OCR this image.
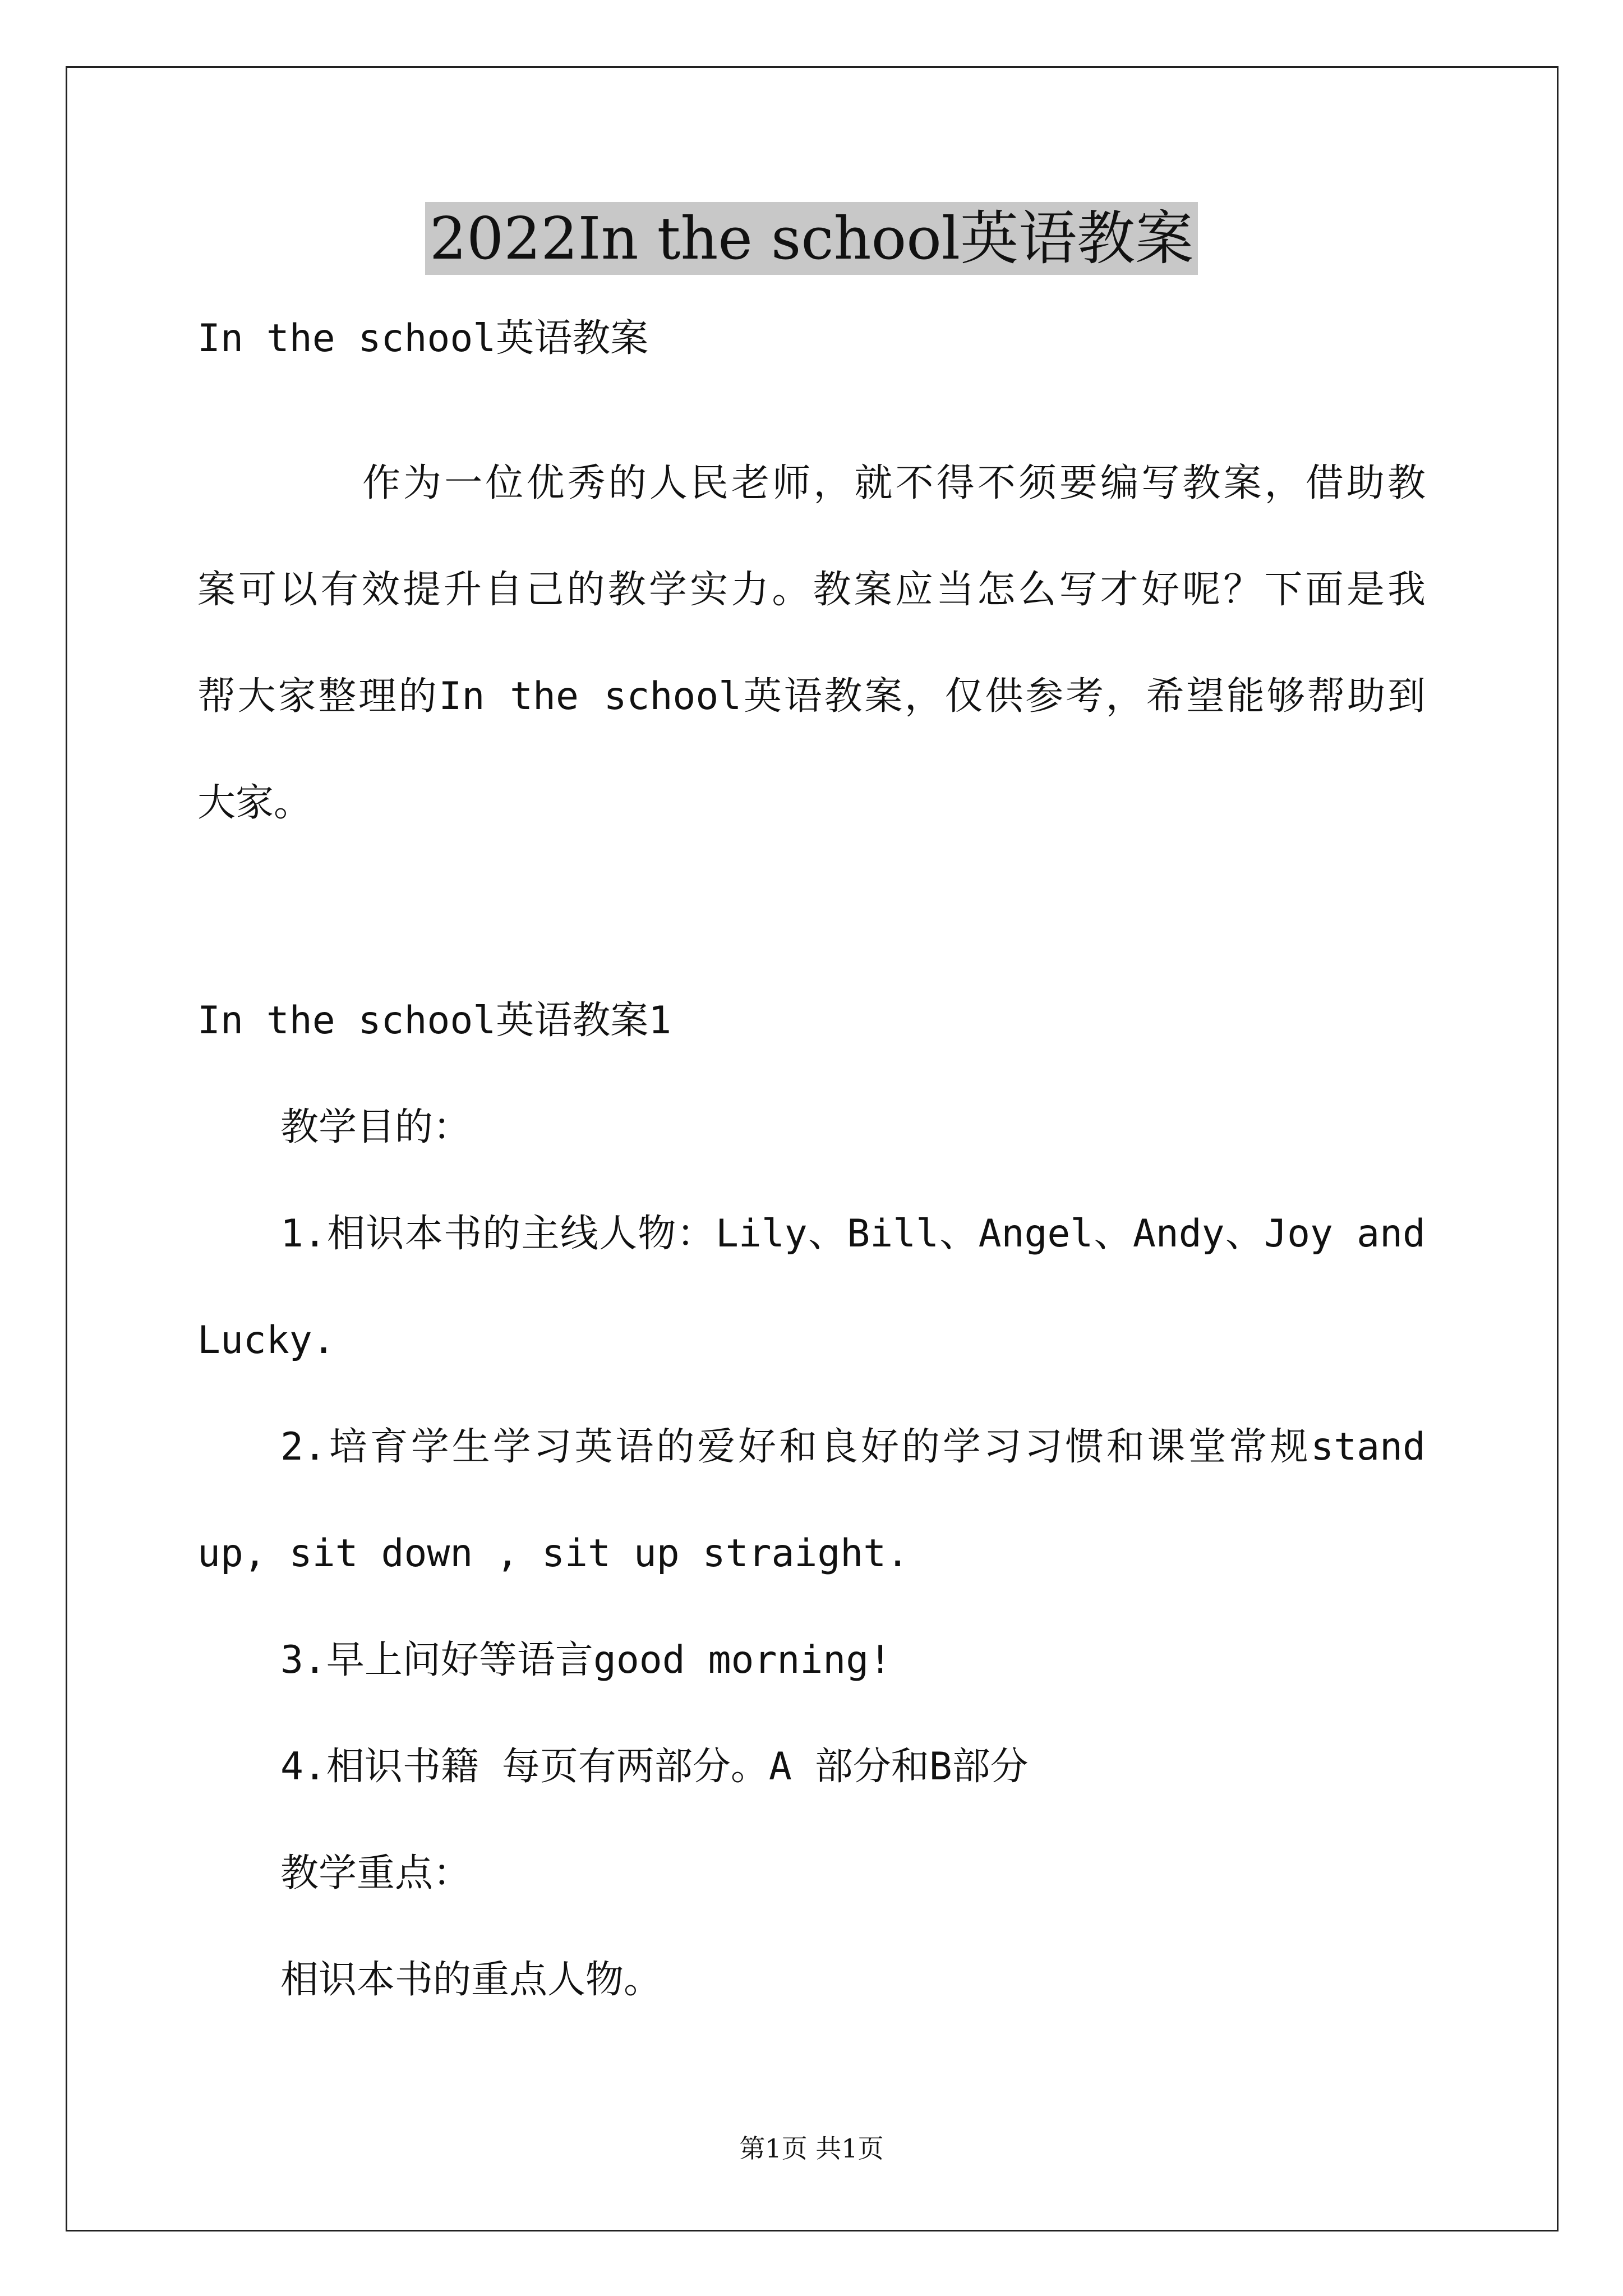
2022In the school英语教案
In the school英语教案
作为一位优秀的人民老师，就不得不须要编写教案，借助教
案可以有效提升自己的教学实力。教案应当怎么写才好呢？下面是我
帮大家整理的In the school英语教案，仅供参考，希望能够帮助到
大家。
In the school英语教案1
教学目的：
1.相识本书的主线人物：Lily、Bill、Angel、Andy、Joy and
Lucky.
2.培育学生学习英语的爱好和良好的学习习惯和课堂常规stand
up, sit down , sit up straight.
3.早上问好等语言good morning!
4.相识书籍 每页有两部分。A 部分和B部分
教学重点：
相识本书的重点人物。
第1页 共1页
